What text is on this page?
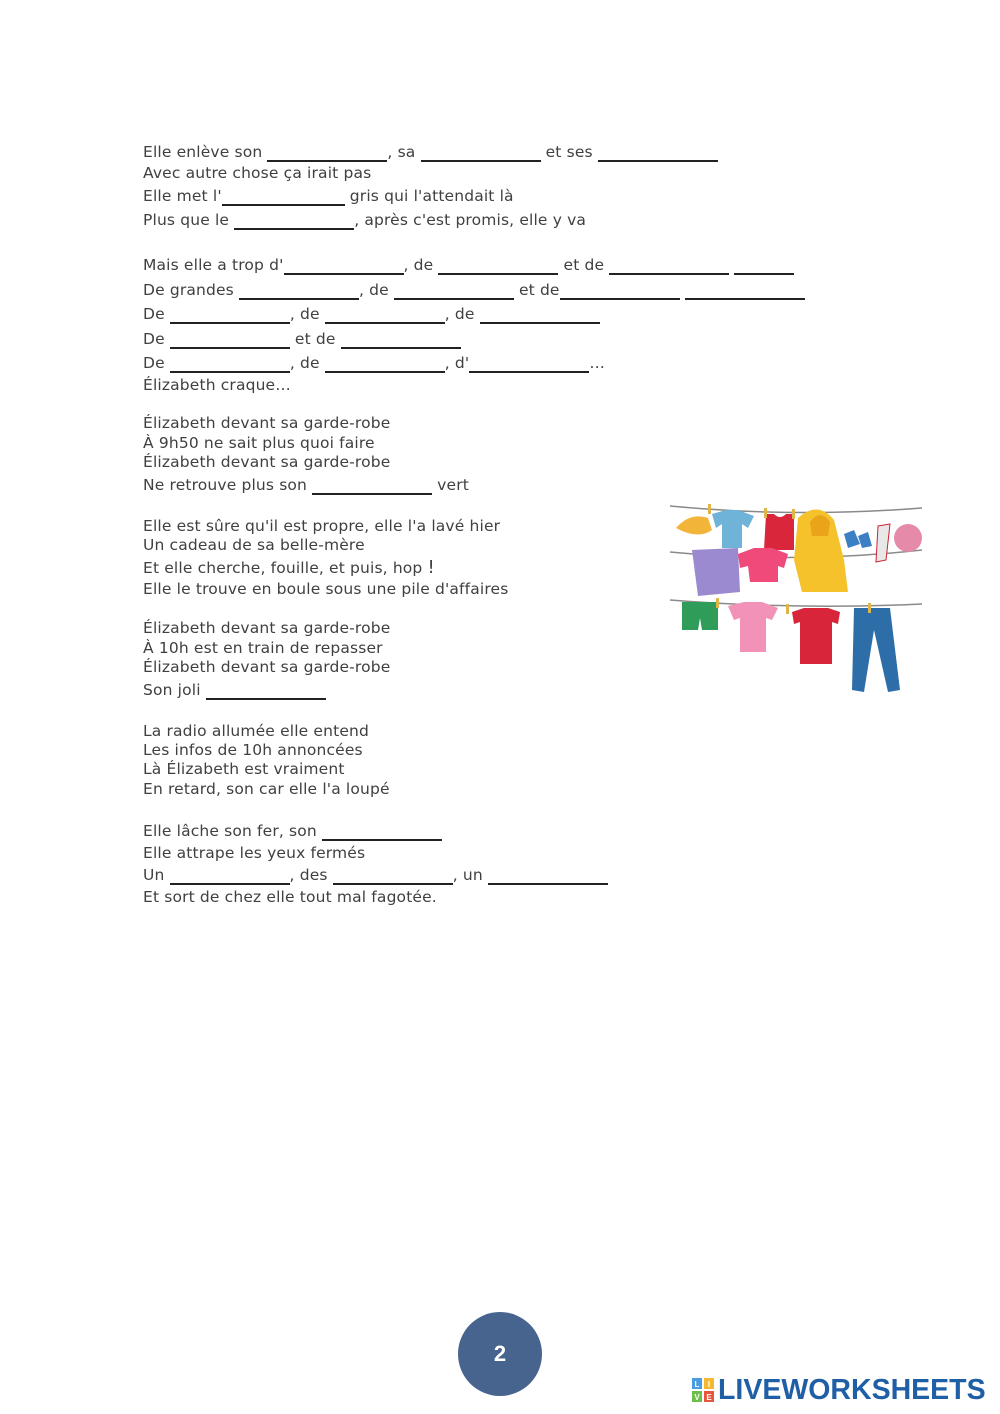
Elle enlève son	, sa	et ses
Avec autre chose ça irait pas
Elle met l'	gris qui l'attendait là
Plus que le	, après c'est promis, elle y va
Mais elle a trop d'	, de	et de
De grandes	, de	et de
De	, de	, de
De	et de
De	, de	, d'	…
Élizabeth craque…
Élizabeth devant sa garde-robe
À 9h50 ne sait plus quoi faire
Élizabeth devant sa garde-robe
Ne retrouve plus son	vert
Elle est sûre qu'il est propre, elle l'a lavé hier
Un cadeau de sa belle-mère
Et elle cherche, fouille, et puis, hop !
Elle le trouve en boule sous une pile d'affaires
Élizabeth devant sa garde-robe
À 10h est en train de repasser
Élizabeth devant sa garde-robe
Son joli
La radio allumée elle entend
Les infos de 10h annoncées
Là Élizabeth est vraiment
En retard, son car elle l'a loupé
Elle lâche son fer, son
Elle attrape les yeux fermés
Un	, des	, un
Et sort de chez elle tout mal fagotée.
2
L I
V E LIVEWORKSHEETS
